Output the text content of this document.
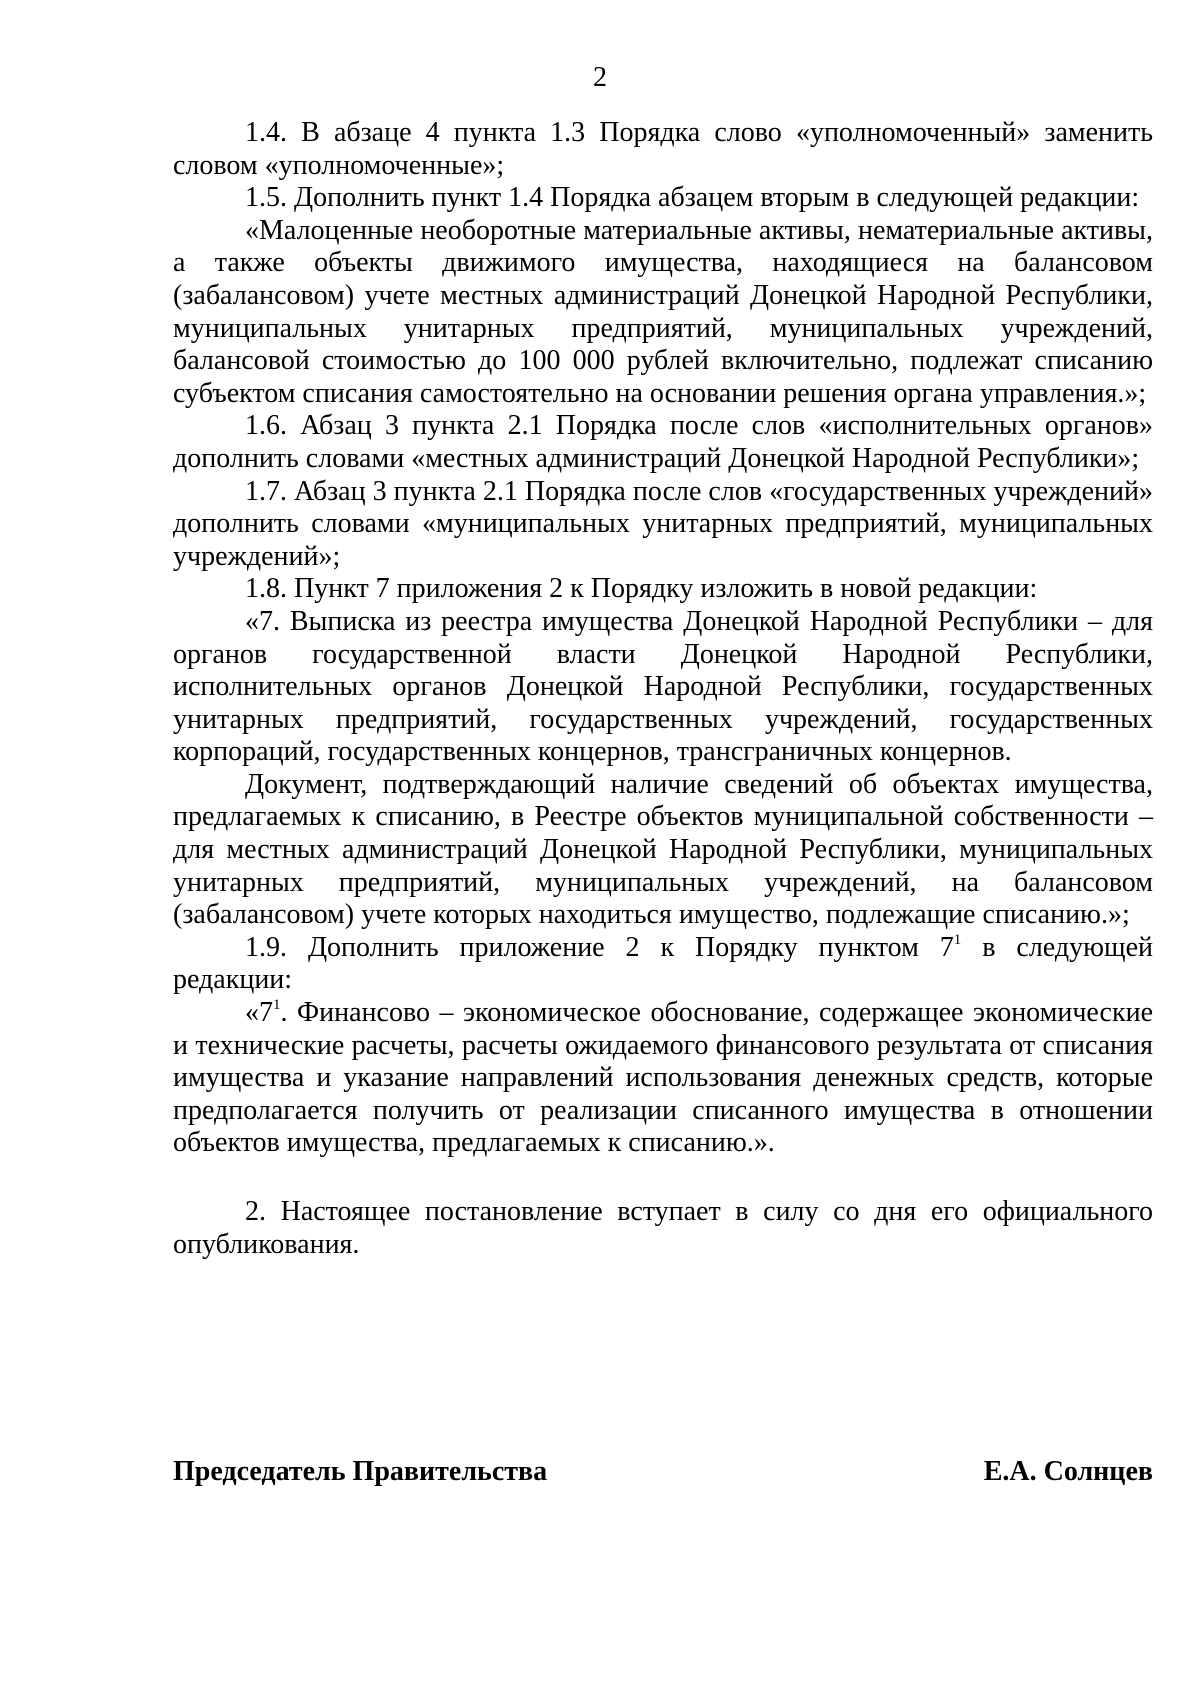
2

1.4. В абзаце 4 пункта 1.3 Порядка слово «уполномоченный» заменить словом «уполномоченные»;

1.5. Дополнить пункт 1.4 Порядка абзацем вторым в следующей редакции:

«Малоценные необоротные материальные активы, нематериальные активы, а также объекты движимого имущества, находящиеся на балансовом (забалансовом) учете местных администраций Донецкой Народной Республики, муниципальных унитарных предприятий, муниципальных учреждений, балансовой стоимостью до 100 000 рублей включительно, подлежат списанию субъектом списания самостоятельно на основании решения органа управления.»;

1.6. Абзац 3 пункта 2.1 Порядка после слов «исполнительных органов» дополнить словами «местных администраций Донецкой Народной Республики»;

1.7. Абзац 3 пункта 2.1 Порядка после слов «государственных учреждений» дополнить словами «муниципальных унитарных предприятий, муниципальных учреждений»;

1.8. Пункт 7 приложения 2 к Порядку изложить в новой редакции:

«7. Выписка из реестра имущества Донецкой Народной Республики – для органов государственной власти Донецкой Народной Республики, исполнительных органов Донецкой Народной Республики, государственных унитарных предприятий, государственных учреждений, государственных корпораций, государственных концернов, трансграничных концернов.

Документ, подтверждающий наличие сведений об объектах имущества, предлагаемых к списанию, в Реестре объектов муниципальной собственности – для местных администраций Донецкой Народной Республики, муниципальных унитарных предприятий, муниципальных учреждений, на балансовом (забалансовом) учете которых находиться имущество, подлежащие списанию.»;

1.9. Дополнить приложение 2 к Порядку пунктом $7^1$ в следующей редакции:

«$7^1$. Финансово – экономическое обоснование, содержащее экономические и технические расчеты, расчеты ожидаемого финансового результата от списания имущества и указание направлений использования денежных средств, которые предполагается получить от реализации списанного имущества в отношении объектов имущества, предлагаемых к списанию.».

2. Настоящее постановление вступает в силу со дня его официального опубликования.

Председатель Правительства	Е.А. Солнцев
